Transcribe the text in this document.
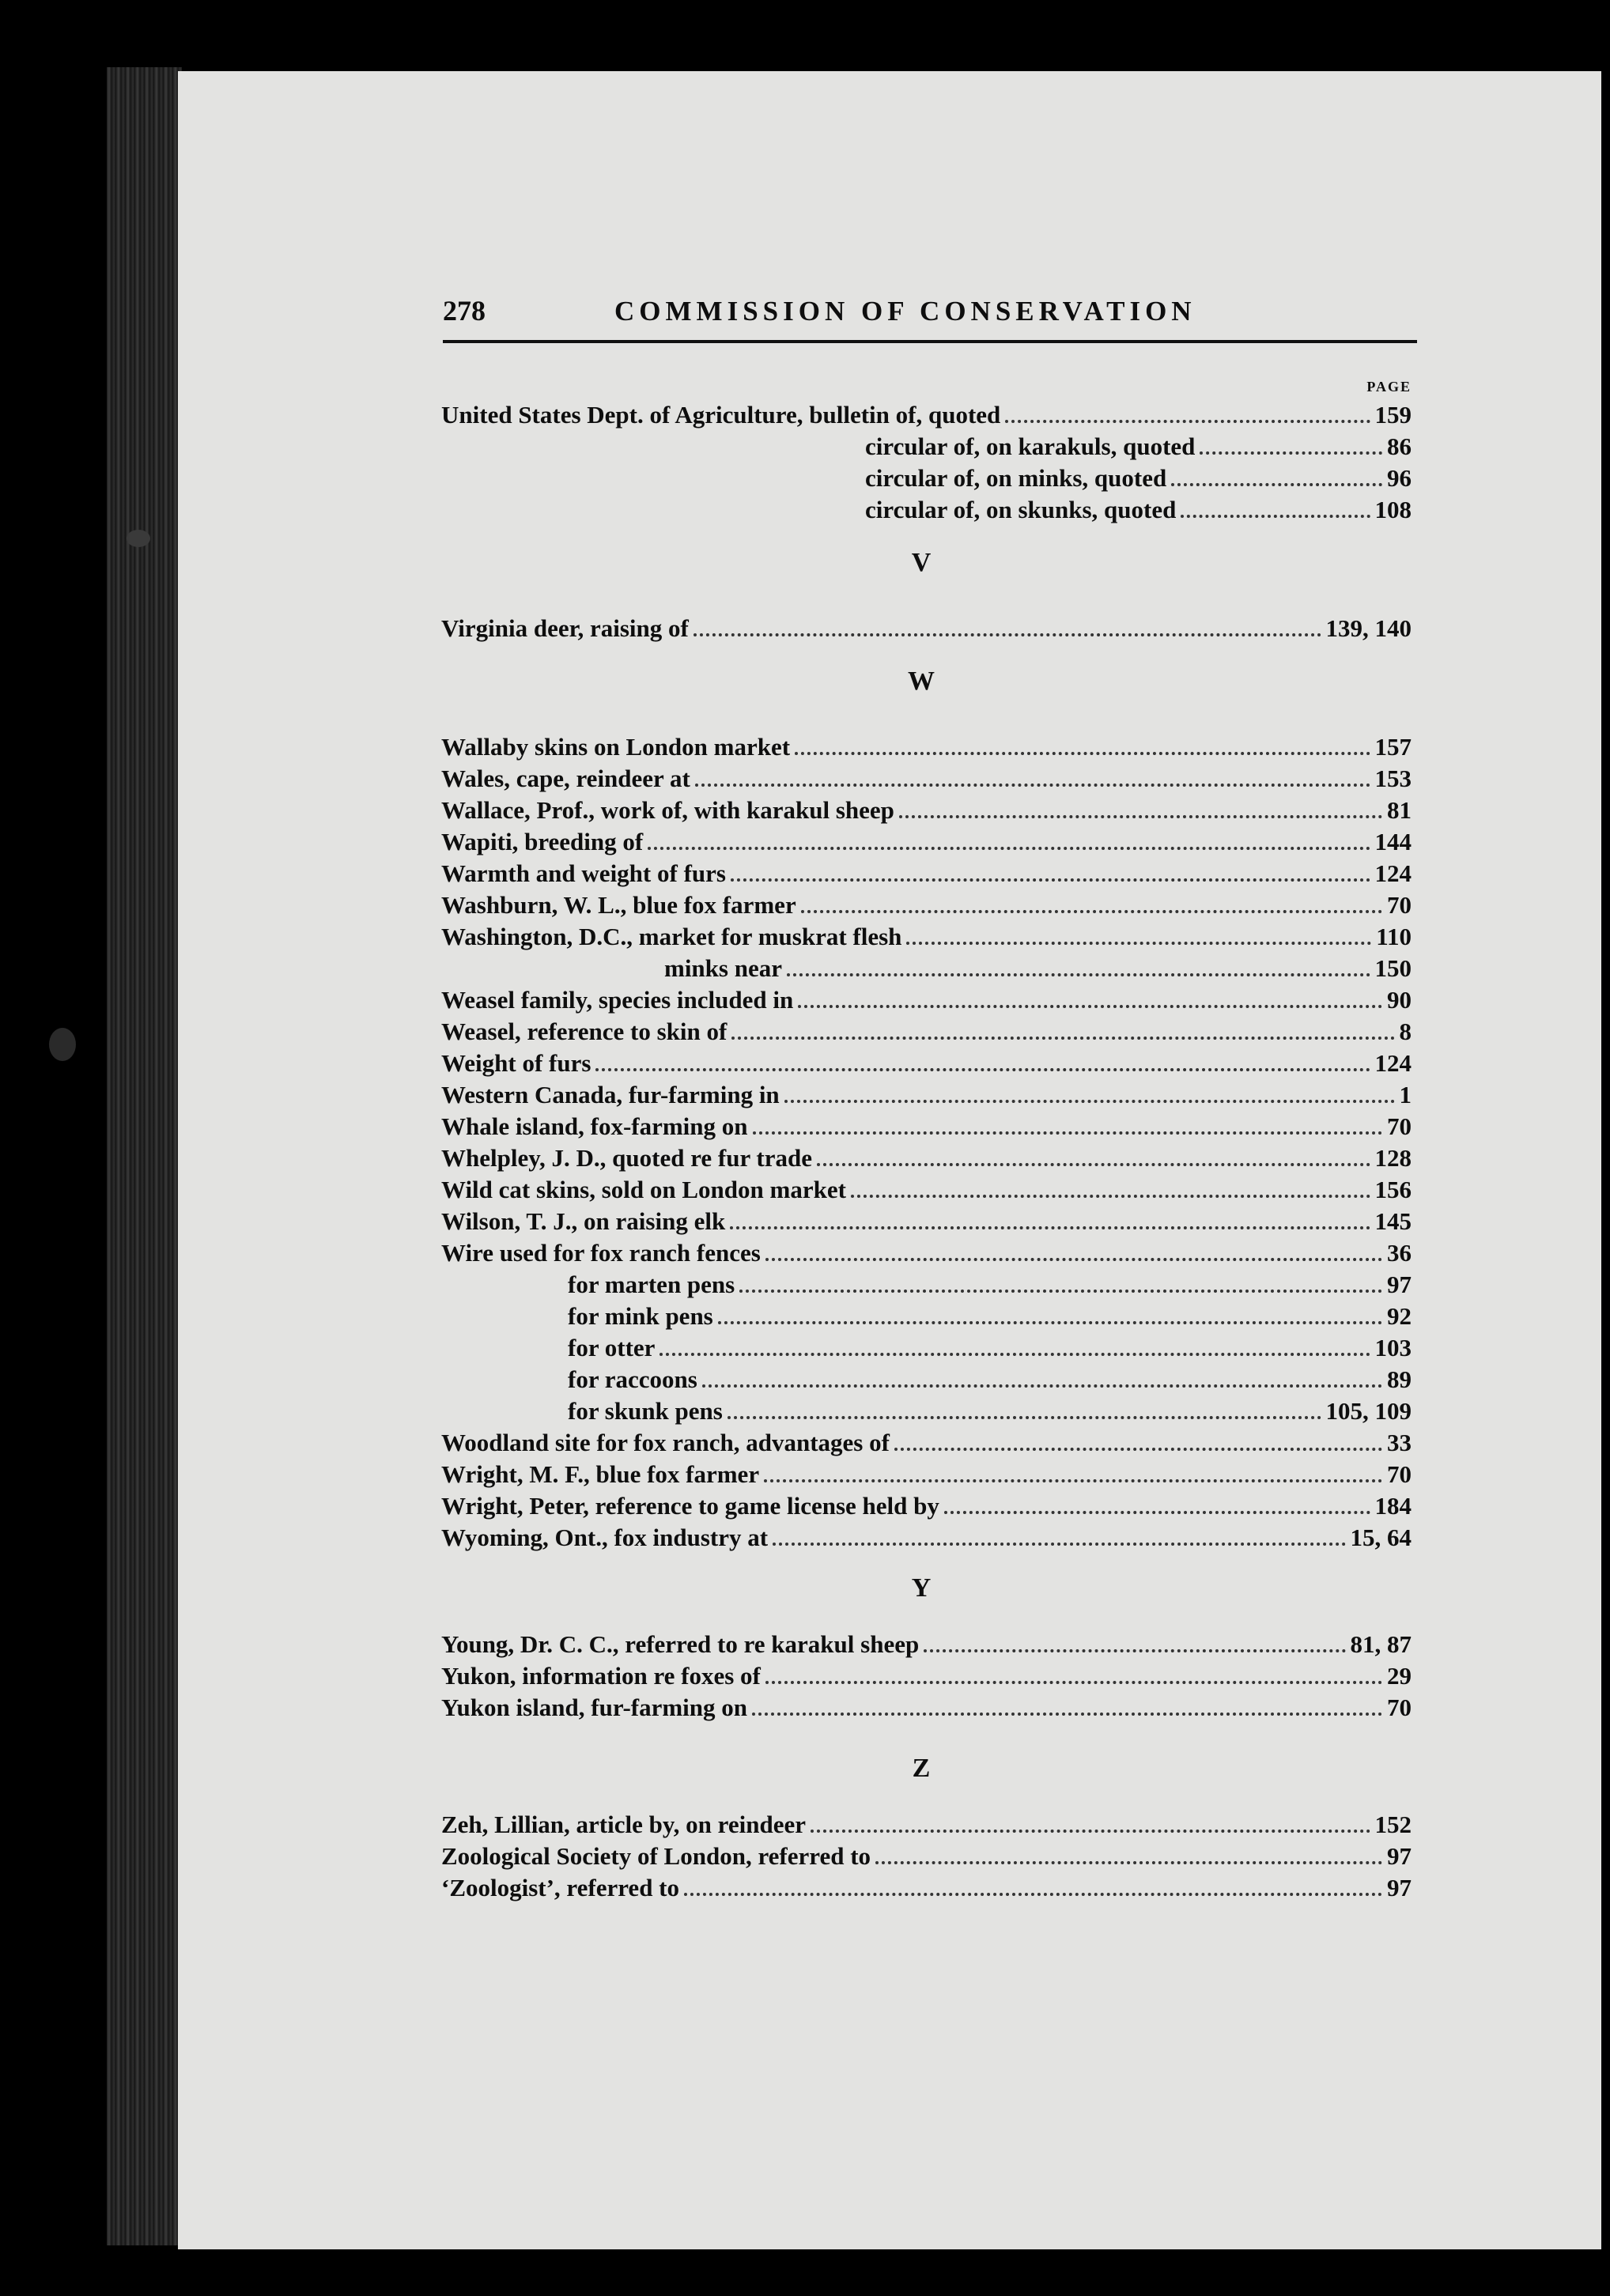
278	COMMISSION OF CONSERVATION
PAGE
United States Dept. of Agriculture, bulletin of, quoted	159
circular of, on karakuls, quoted	86
circular of, on minks, quoted	96
circular of, on skunks, quoted	108
V
Virginia deer, raising of	139, 140
W
Wallaby skins on London market	157
Wales, cape, reindeer at	153
Wallace, Prof., work of, with karakul sheep	81
Wapiti, breeding of	144
Warmth and weight of furs	124
Washburn, W. L., blue fox farmer	70
Washington, D.C., market for muskrat flesh	110
minks near	150
Weasel family, species included in	90
Weasel, reference to skin of	8
Weight of furs	124
Western Canada, fur-farming in	1
Whale island, fox-farming on	70
Whelpley, J. D., quoted re fur trade	128
Wild cat skins, sold on London market	156
Wilson, T. J., on raising elk	145
Wire used for fox ranch fences	36
for marten pens	97
for mink pens	92
for otter	103
for raccoons	89
for skunk pens	105, 109
Woodland site for fox ranch, advantages of	33
Wright, M. F., blue fox farmer	70
Wright, Peter, reference to game license held by	184
Wyoming, Ont., fox industry at	15, 64
Y
Young, Dr. C. C., referred to re karakul sheep	81, 87
Yukon, information re foxes of	29
Yukon island, fur-farming on	70
Z
Zeh, Lillian, article by, on reindeer	152
Zoological Society of London, referred to	97
‘Zoologist’, referred to	97
